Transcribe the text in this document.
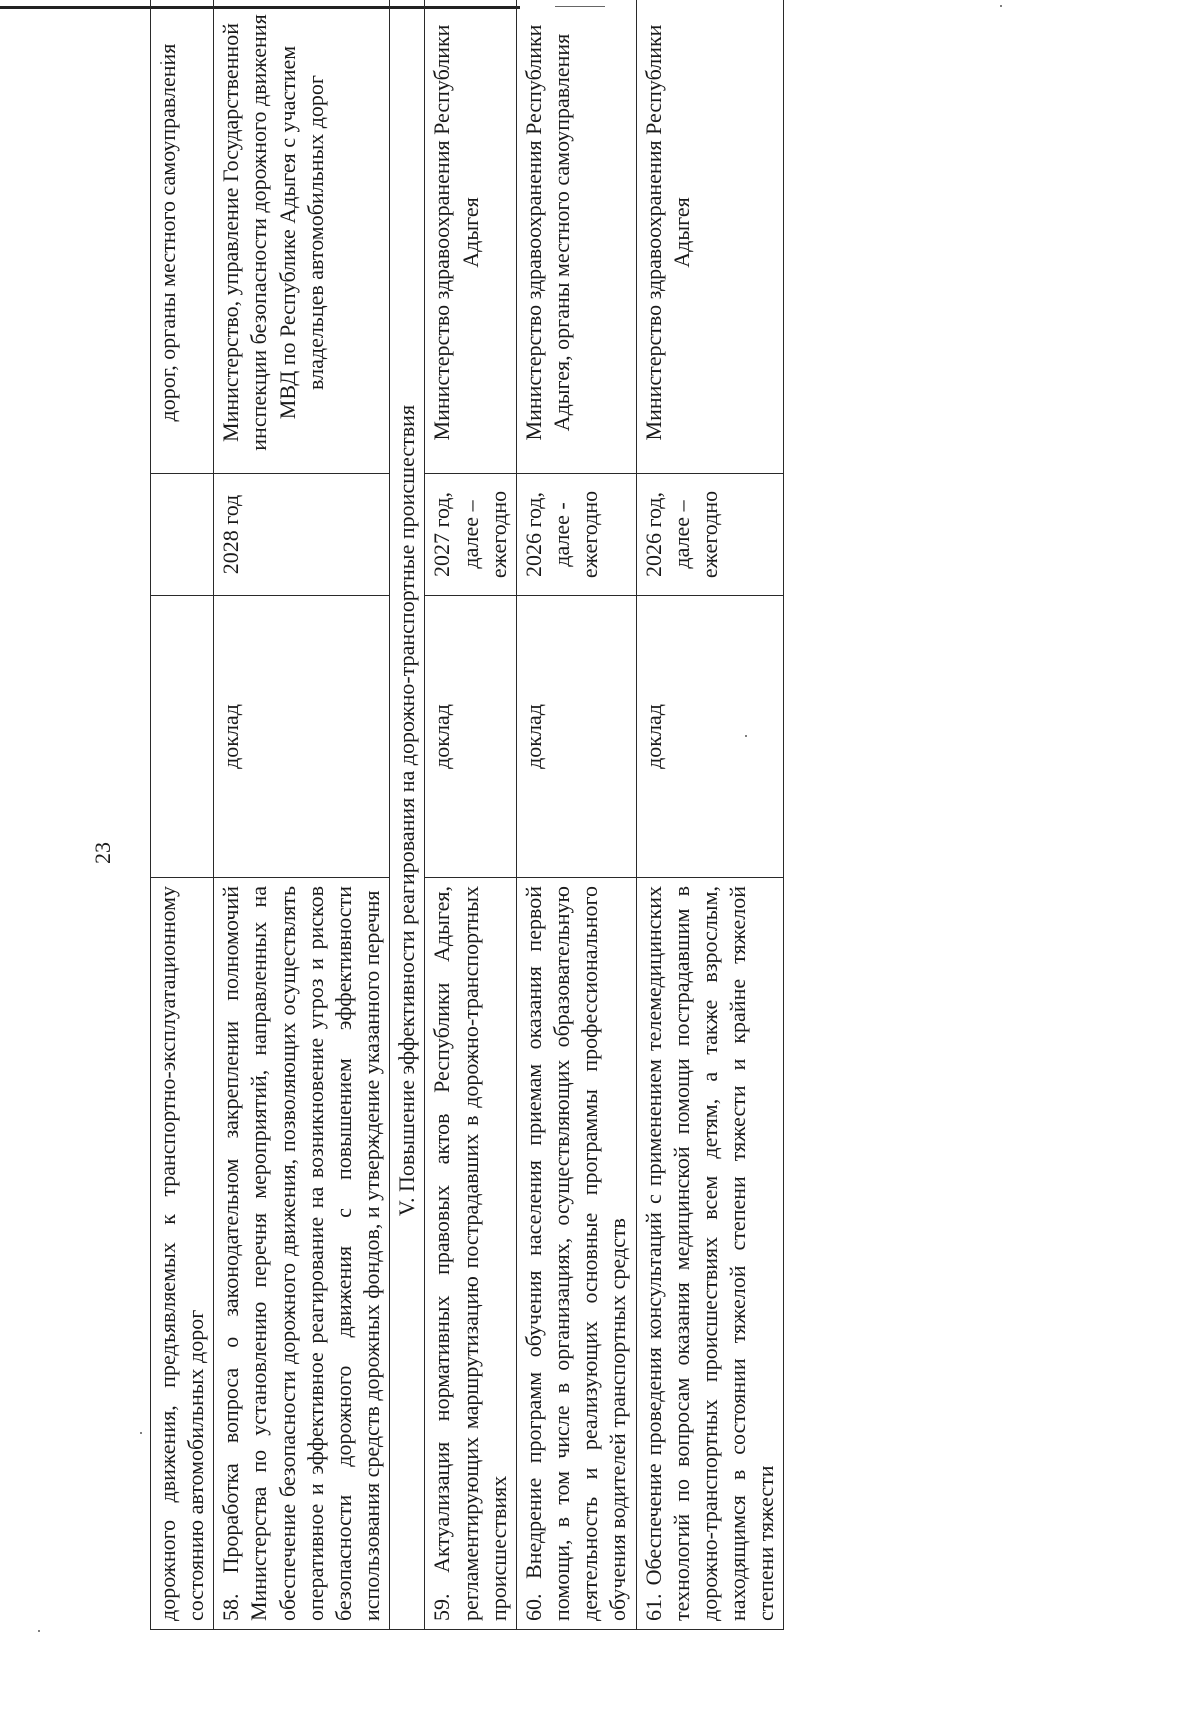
23
дорожного движения, предъявляемых к транспортно-эксплуатационному состоянию автомобильных дорог			дорог, органы местного самоуправления
58. Проработка вопроса о законодательном закреплении полномочий Министерства по установлению перечня мероприятий, направленных на обеспечение безопасности дорожного движения, позволяющих осуществлять оперативное и эффективное реагирование на возникновение угроз и рисков безопасности дорожного движения с повышением эффективности использования средств дорожных фондов, и утверждение указанного перечня	доклад	2028 год	Министерство, управление Государственной инспекции безопасности дорожного движения МВД по Республике Адыгея с участием владельцев автомобильных дорог
V. Повышение эффективности реагирования на дорожно-транспортные происшествия			
59. Актуализация нормативных правовых актов Республики Адыгея, регламентирующих маршрутизацию пострадавших в дорожно-транспортных происшествиях	доклад	2027 год, далее – ежегодно	Министерство здравоохранения Республики Адыгея
60. Внедрение программ обучения населения приемам оказания первой помощи, в том числе в организациях, осуществляющих образовательную деятельность и реализующих основные программы профессионального обучения водителей транспортных средств	доклад	2026 год, далее - ежегодно	Министерство здравоохранения Республики Адыгея, органы местного самоуправления
61. Обеспечение проведения консультаций с применением телемедицинских технологий по вопросам оказания медицинской помощи пострадавшим в дорожно-транспортных происшествиях всем детям, а также взрослым, находящимся в состоянии тяжелой степени тяжести и крайне тяжелой степени тяжести	доклад	2026 год, далее – ежегодно	Министерство здравоохранения Республики Адыгея
